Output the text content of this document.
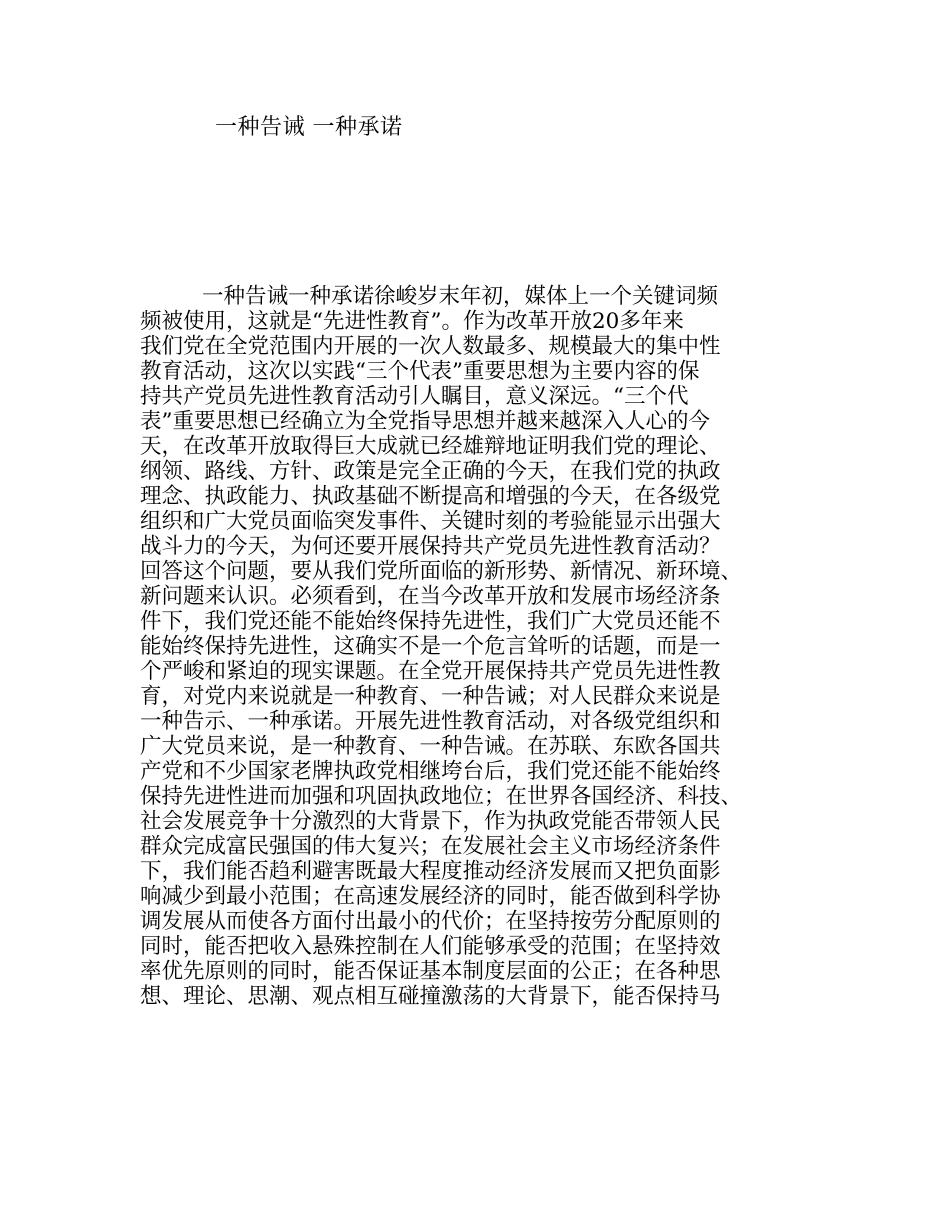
一种告诫 一种承诺
一种告诫一种承诺徐峻岁末年初，媒体上一个关键词频
频被使用，这就是“先进性教育”。作为改革开放20多年来
我们党在全党范围内开展的一次人数最多、规模最大的集中性
教育活动，这次以实践“三个代表”重要思想为主要内容的保
持共产党员先进性教育活动引人瞩目，意义深远。“三个代
表”重要思想已经确立为全党指导思想并越来越深入人心的今
天，在改革开放取得巨大成就已经雄辩地证明我们党的理论、
纲领、路线、方针、政策是完全正确的今天，在我们党的执政
理念、执政能力、执政基础不断提高和增强的今天，在各级党
组织和广大党员面临突发事件、关键时刻的考验能显示出强大
战斗力的今天，为何还要开展保持共产党员先进性教育活动？
回答这个问题，要从我们党所面临的新形势、新情况、新环境、
新问题来认识。必须看到，在当今改革开放和发展市场经济条
件下，我们党还能不能始终保持先进性，我们广大党员还能不
能始终保持先进性，这确实不是一个危言耸听的话题，而是一
个严峻和紧迫的现实课题。在全党开展保持共产党员先进性教
育，对党内来说就是一种教育、一种告诫；对人民群众来说是
一种告示、一种承诺。开展先进性教育活动，对各级党组织和
广大党员来说，是一种教育、一种告诫。在苏联、东欧各国共
产党和不少国家老牌执政党相继垮台后，我们党还能不能始终
保持先进性进而加强和巩固执政地位；在世界各国经济、科技、
社会发展竞争十分激烈的大背景下，作为执政党能否带领人民
群众完成富民强国的伟大复兴；在发展社会主义市场经济条件
下，我们能否趋利避害既最大程度推动经济发展而又把负面影
响减少到最小范围；在高速发展经济的同时，能否做到科学协
调发展从而使各方面付出最小的代价；在坚持按劳分配原则的
同时，能否把收入悬殊控制在人们能够承受的范围；在坚持效
率优先原则的同时，能否保证基本制度层面的公正；在各种思
想、理论、思潮、观点相互碰撞激荡的大背景下，能否保持马
